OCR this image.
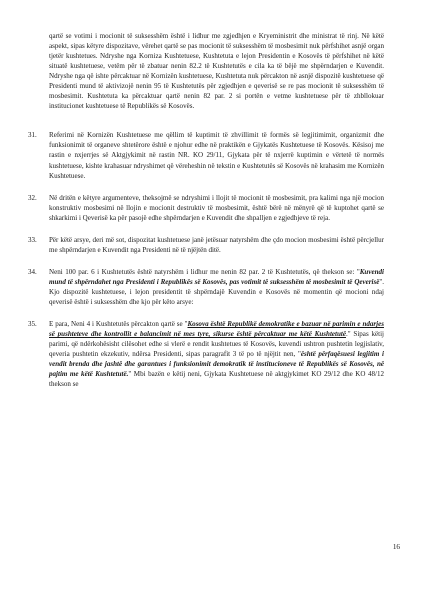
qartë se votimi i mocionit të suksesshëm është i lidhur me zgjedhjen e Kryeministrit dhe ministrat të rinj. Në këtë aspekt, sipas këtyre dispozitave, vërehet qartë se pas mocionit të suksesshëm të mosbesimit nuk përfshihet asnjë organ tjetër kushtetues. Ndryshe nga Korniza Kushtetuese, Kushtetuta e lejon Presidentin e Kosovës të përfshihet në këtë situatë kushtetuese, vetëm për të zbatuar nenin 82.2 të Kushtetutës e cila ka të bëjë me shpërndarjen e Kuvendit. Ndryshe nga që ishte përcaktuar në Kornizën kushtetuese, Kushtetuta nuk përcakton në asnjë dispozitë kushtetuese që Presidenti mund të aktivizojë nenin 95 të Kushtetutës për zgjedhjen e qeverisë se re pas mocionit të suksesshëm të mosbesimit. Kushtetuta ka përcaktuar qartë nenin 82 par. 2 si portën e vetme kushtetuese për të zhbllokuar institucionet kushtetuese të Republikës së Kosovës.

31. Referimi në Kornizën Kushtetuese me qëllim të kuptimit të zhvillimit të formës së legjitimimit, organizmit dhe funksionimit të organeve shtetërore është e njohur edhe në praktikën e Gjykatës Kushtetuese të Kosovës. Kësisoj me rastin e nxjerrjes së Aktgjykimit në rastin NR. KO 29/11, Gjykata për të nxjerrë kuptimin e vërtetë të normës kushtetuese, kishte krahasuar ndryshimet që vëreheshin në tekstin e Kushtetutës së Kosovës në krahasim me Kornizën Kushtetuese.

32. Në dritën e këtyre argumenteve, theksojmë se ndryshimi i llojit të mocionit të mosbesimit, pra kalimi nga një mocion konstruktiv mosbesimi në llojin e mocionit destruktiv të mosbesimit, është bërë në mënyrë që të kuptohet qartë se shkarkimi i Qeverisë ka për pasojë edhe shpërndarjen e Kuvendit dhe shpalljen e zgjedhjeve të reja.

33. Për këtë arsye, deri më sot, dispozitat kushtetuese janë jetësuar natyrshëm dhe çdo mocion mosbesimi është përcjellur me shpërndarjen e Kuvendit nga Presidenti në të njëjtën ditë.

34. Neni 100 par. 6 i Kushtetutës është natyrshëm i lidhur me nenin 82 par. 2 të Kushtetutës, që thekson se: "Kuvendi mund të shpërndahet nga Presidenti i Republikës së Kosovës, pas votimit të suksesshëm të mosbesimit të Qeverisë". Kjo dispozitë kushtetuese, i lejon presidentit të shpërndajë Kuvendin e Kosovës në momentin që mocioni ndaj qeverisë është i suksesshëm dhe kjo për këto arsye:

35. E para, Neni 4 i Kushtetutës përcakton qartë se "Kosova është Republikë demokratike e bazuar në parimin e ndarjes së pushteteve dhe kontrollit e balancimit në mes tyre, sikurse është përcaktuar me këtë Kushtetutë." Sipas këtij parimi, që ndërkohësisht cilësohet edhe si vlerë e rendit kushtetues të Kosovës, kuvendi ushtron pushtetin legjislativ, qeveria pushtetin ekzekutiv, ndërsa Presidenti, sipas paragrafit 3 të po të njëjtit nen, "është përfaqësuesi legjitim i vendit brenda dhe jashtë dhe garantues i funksionimit demokratik të institucioneve të Republikës së Kosovës, në pajtim me këtë Kushtetutë." Mbi bazën e këtij neni, Gjykata Kushtetuese në aktgjykimet KO 29/12 dhe KO 48/12 thekson se

16
